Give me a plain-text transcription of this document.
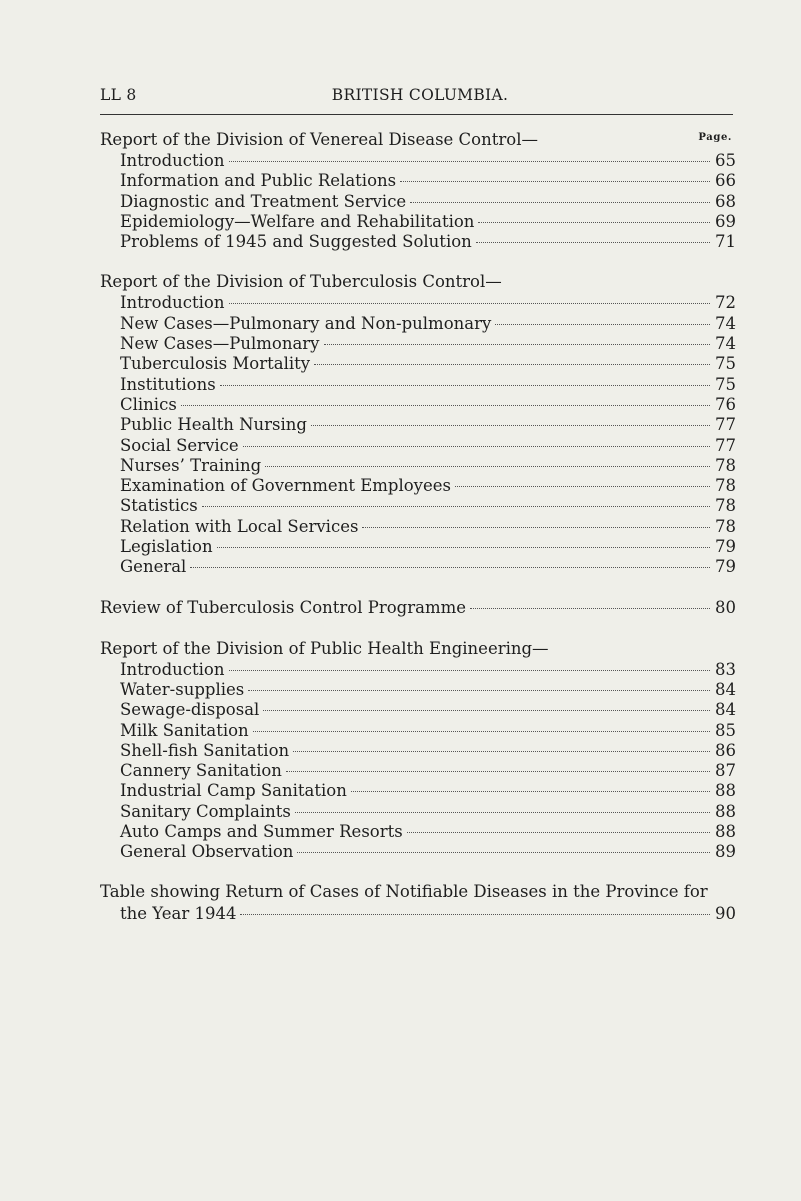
LL 8	BRITISH COLUMBIA.
Report of the Division of Venereal Disease Control—	Page.
Introduction	65
Information and Public Relations	66
Diagnostic and Treatment Service	68
Epidemiology—Welfare and Rehabilitation	69
Problems of 1945 and Suggested Solution	71
Report of the Division of Tuberculosis Control—
Introduction	72
New Cases—Pulmonary and Non-pulmonary	74
New Cases—Pulmonary	74
Tuberculosis Mortality	75
Institutions	75
Clinics	76
Public Health Nursing	77
Social Service	77
Nurses’ Training	78
Examination of Government Employees	78
Statistics	78
Relation with Local Services	78
Legislation	79
General	79
Review of Tuberculosis Control Programme	80
Report of the Division of Public Health Engineering—
Introduction	83
Water-supplies	84
Sewage-disposal	84
Milk Sanitation	85
Shell-fish Sanitation	86
Cannery Sanitation	87
Industrial Camp Sanitation	88
Sanitary Complaints	88
Auto Camps and Summer Resorts	88
General Observation	89
Table showing Return of Cases of Notifiable Diseases in the Province for
the Year 1944	90
